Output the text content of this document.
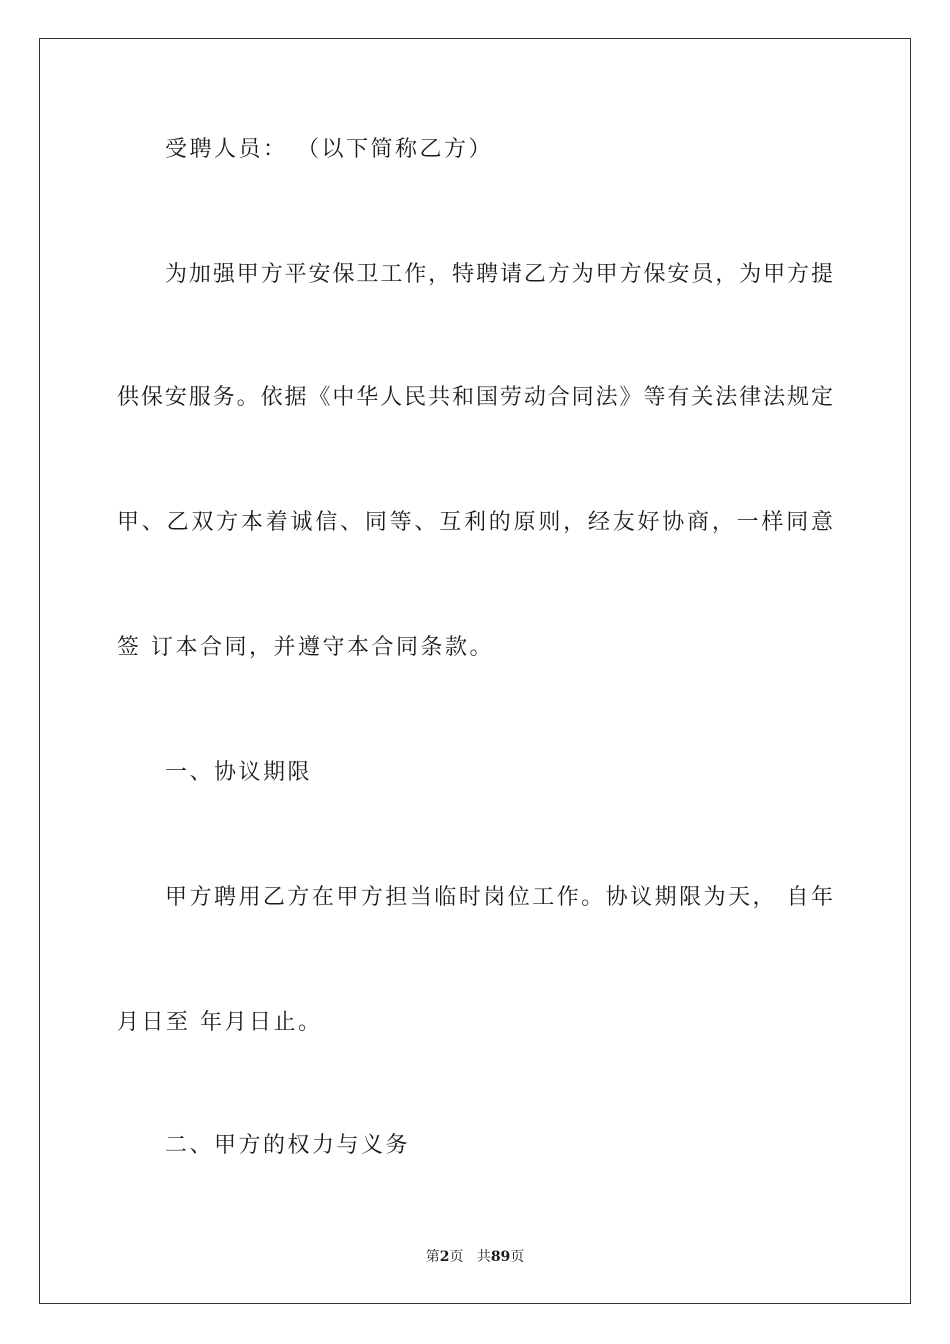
受聘人员： （以下简称乙方）
为加强甲方平安保卫工作，特聘请乙方为甲方保安员，为甲方提
供保安服务。依据《中华人民共和国劳动合同法》等有关法律法规定
甲、乙双方本着诚信、同等、互利的原则，经友好协商，一样同意
签 订本合同，并遵守本合同条款。
一、协议期限
甲方聘用乙方在甲方担当临时岗位工作。协议期限为天， 自年
月日至 年月日止。
二、甲方的权力与义务
第2页 共89页
